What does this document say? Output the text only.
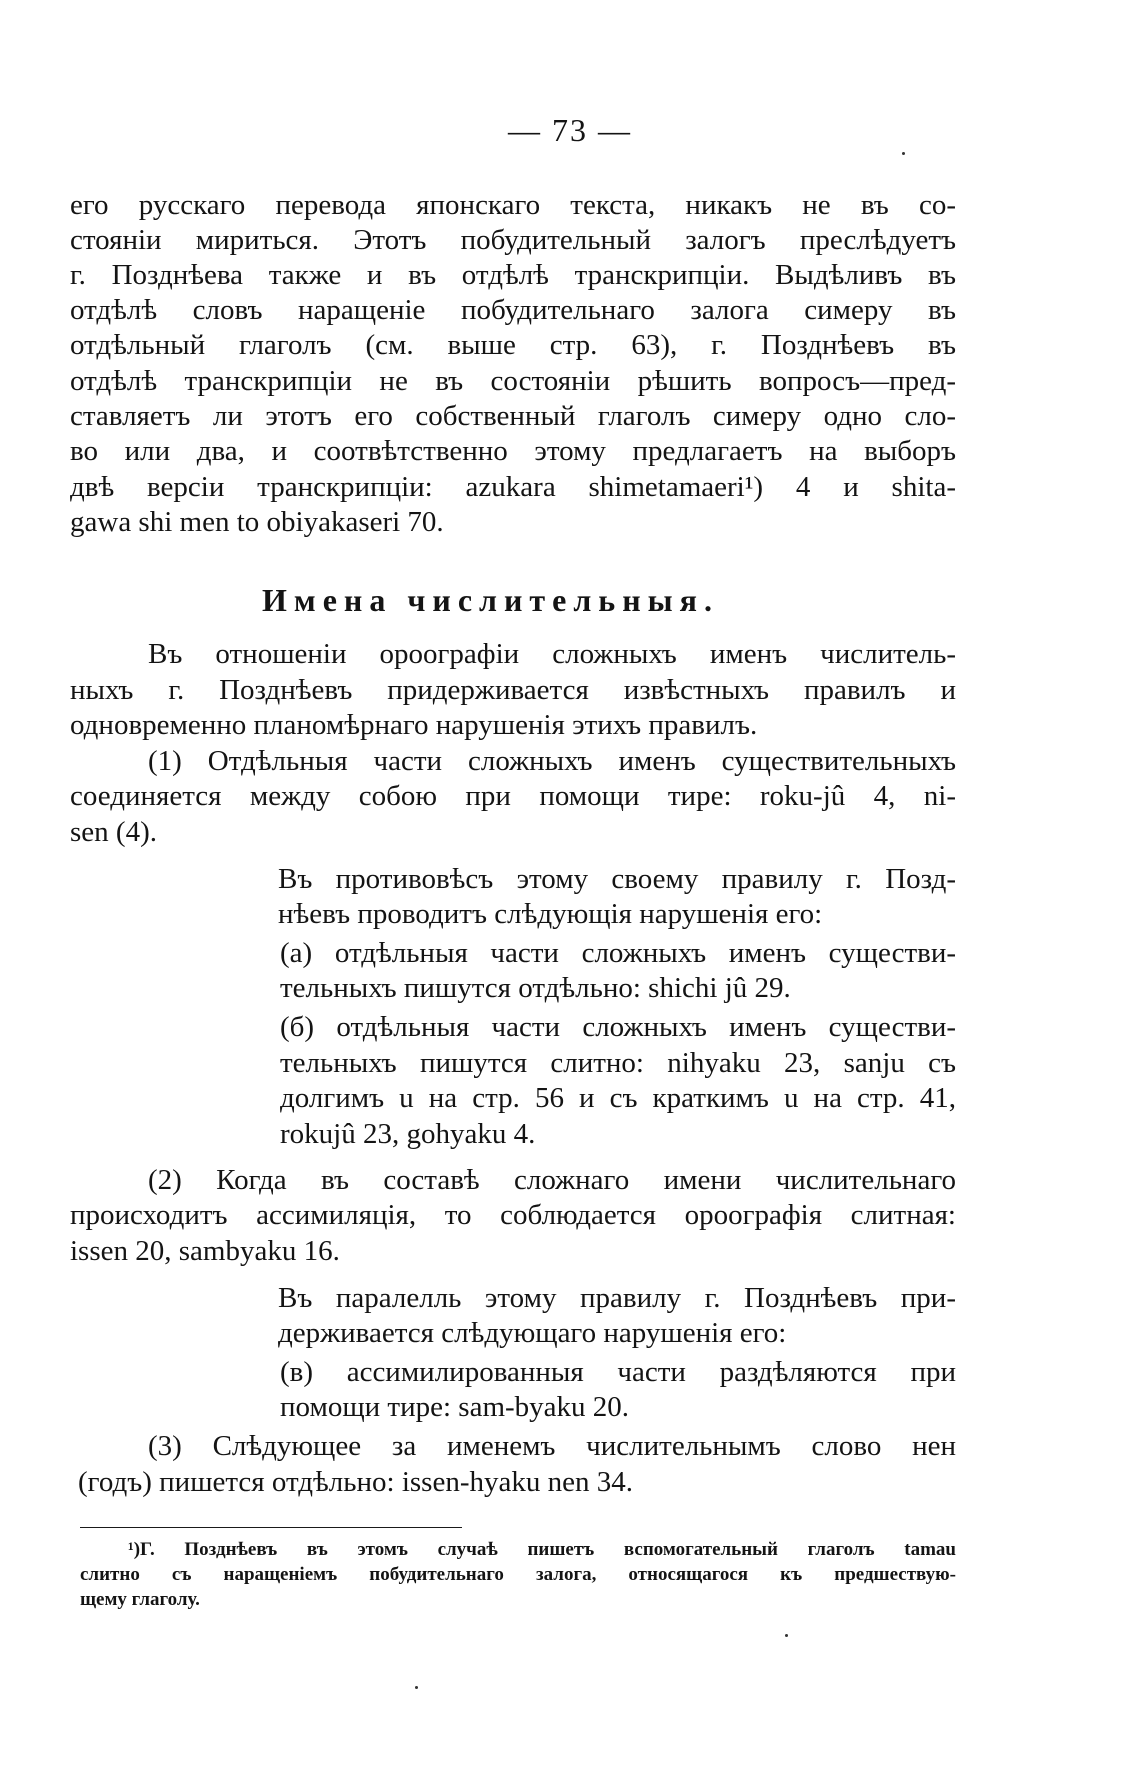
— 73 —
его русскаго перевода японскаго текста, никакъ не въ со-
стояніи мириться. Этотъ побудительный залогъ преслѣдуетъ
г. Позднѣева также и въ отдѣлѣ транскрипціи. Выдѣливъ въ
отдѣлѣ словъ наращеніе побудительнаго залога симеру въ
отдѣльный глаголъ (см. выше стр. 63), г. Позднѣевъ въ
отдѣлѣ транскрипціи не въ состояніи рѣшить вопросъ—пред-
ставляетъ ли этотъ его собственный глаголъ симеру одно сло-
во или два, и соотвѣтственно этому предлагаетъ на выборъ
двѣ версіи транскрипціи: azukara shimetamaeri¹) 4 и shita-
gawa shi men to obiyakaseri 70.
Имена числительныя.
Въ отношеніи ороографіи сложныхъ именъ числитель-
ныхъ г. Позднѣевъ придерживается извѣстныхъ правилъ и
одновременно планомѣрнаго нарушенія этихъ правилъ.
(1) Отдѣльныя части сложныхъ именъ существительныхъ
соединяется между собою при помощи тире: roku-jû 4, ni-
sen (4).
Въ противовѣсъ этому своему правилу г. Позд-
нѣевъ проводитъ слѣдующія нарушенія его:
(а) отдѣльныя части сложныхъ именъ существи-
тельныхъ пишутся отдѣльно: shichi jû 29.
(б) отдѣльныя части сложныхъ именъ существи-
тельныхъ пишутся слитно: nihyaku 23, sanju съ
долгимъ u на стр. 56 и съ краткимъ u на стр. 41,
rokujû 23, gohyaku 4.
(2) Когда въ составѣ сложнаго имени числительнаго
происходитъ ассимиляція, то соблюдается ороографія слитная:
issen 20, sambyaku 16.
Въ паралелль этому правилу г. Позднѣевъ при-
держивается слѣдующаго нарушенія его:
(в) ассимилированныя части раздѣляются при
помощи тире: sam-byaku 20.
(3) Слѣдующее за именемъ числительнымъ слово нен
(годъ) пишется отдѣльно: issen-hyaku nen 34.
¹)Г. Позднѣевъ въ этомъ случаѣ пишетъ вспомогательный глаголъ tamau
слитно съ наращеніемъ побудительнаго залога, относящагося къ предшествую-
щему глаголу.
